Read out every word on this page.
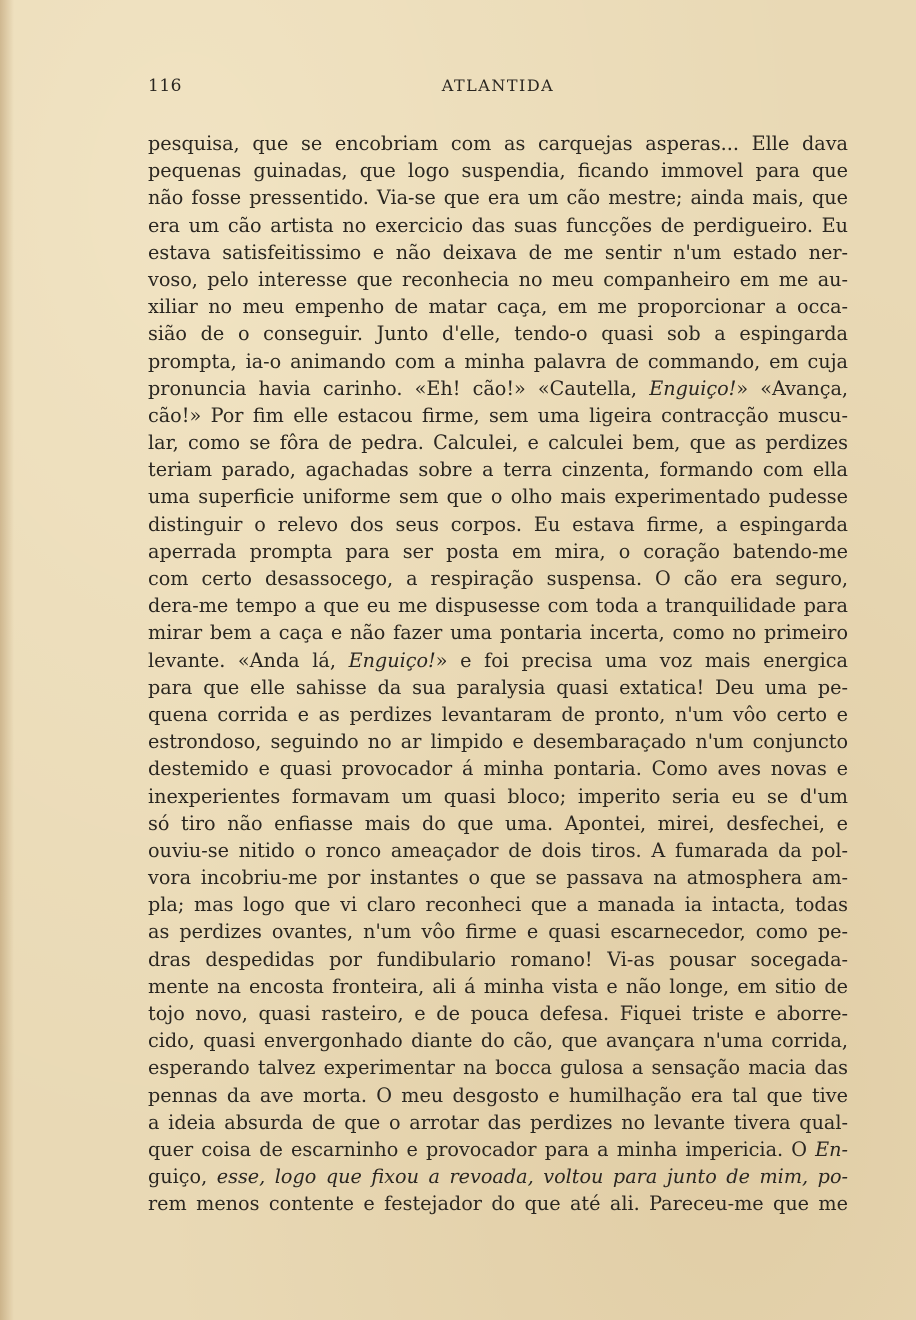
116	ATLANTIDA
pesquisa, que se encobriam com as carquejas asperas... Elle dava
pequenas guinadas, que logo suspendia, ficando immovel para que
não fosse pressentido. Via-se que era um cão mestre; ainda mais, que
era um cão artista no exercicio das suas funcções de perdigueiro. Eu
estava satisfeitissimo e não deixava de me sentir n'um estado ner-
voso, pelo interesse que reconhecia no meu companheiro em me au-
xiliar no meu empenho de matar caça, em me proporcionar a occa-
sião de o conseguir. Junto d'elle, tendo-o quasi sob a espingarda
prompta, ia-o animando com a minha palavra de commando, em cuja
pronuncia havia carinho. «Eh! cão!» «Cautella, Enguiço!» «Avança,
cão!» Por fim elle estacou firme, sem uma ligeira contracção muscu-
lar, como se fôra de pedra. Calculei, e calculei bem, que as perdizes
teriam parado, agachadas sobre a terra cinzenta, formando com ella
uma superficie uniforme sem que o olho mais experimentado pudesse
distinguir o relevo dos seus corpos. Eu estava firme, a espingarda
aperrada prompta para ser posta em mira, o coração batendo-me
com certo desassocego, a respiração suspensa. O cão era seguro,
dera-me tempo a que eu me dispusesse com toda a tranquilidade para
mirar bem a caça e não fazer uma pontaria incerta, como no primeiro
levante. «Anda lá, Enguiço!» e foi precisa uma voz mais energica
para que elle sahisse da sua paralysia quasi extatica! Deu uma pe-
quena corrida e as perdizes levantaram de pronto, n'um vôo certo e
estrondoso, seguindo no ar limpido e desembaraçado n'um conjuncto
destemido e quasi provocador á minha pontaria. Como aves novas e
inexperientes formavam um quasi bloco; imperito seria eu se d'um
só tiro não enfiasse mais do que uma. Apontei, mirei, desfechei, e
ouviu-se nitido o ronco ameaçador de dois tiros. A fumarada da pol-
vora incobriu-me por instantes o que se passava na atmosphera am-
pla; mas logo que vi claro reconheci que a manada ia intacta, todas
as perdizes ovantes, n'um vôo firme e quasi escarnecedor, como pe-
dras despedidas por fundibulario romano! Vi-as pousar socegada-
mente na encosta fronteira, ali á minha vista e não longe, em sitio de
tojo novo, quasi rasteiro, e de pouca defesa. Fiquei triste e aborre-
cido, quasi envergonhado diante do cão, que avançara n'uma corrida,
esperando talvez experimentar na bocca gulosa a sensação macia das
pennas da ave morta. O meu desgosto e humilhação era tal que tive
a ideia absurda de que o arrotar das perdizes no levante tivera qual-
quer coisa de escarninho e provocador para a minha impericia. O En-
guiço, esse, logo que fixou a revoada, voltou para junto de mim, po-
rem menos contente e festejador do que até ali. Pareceu-me que me
